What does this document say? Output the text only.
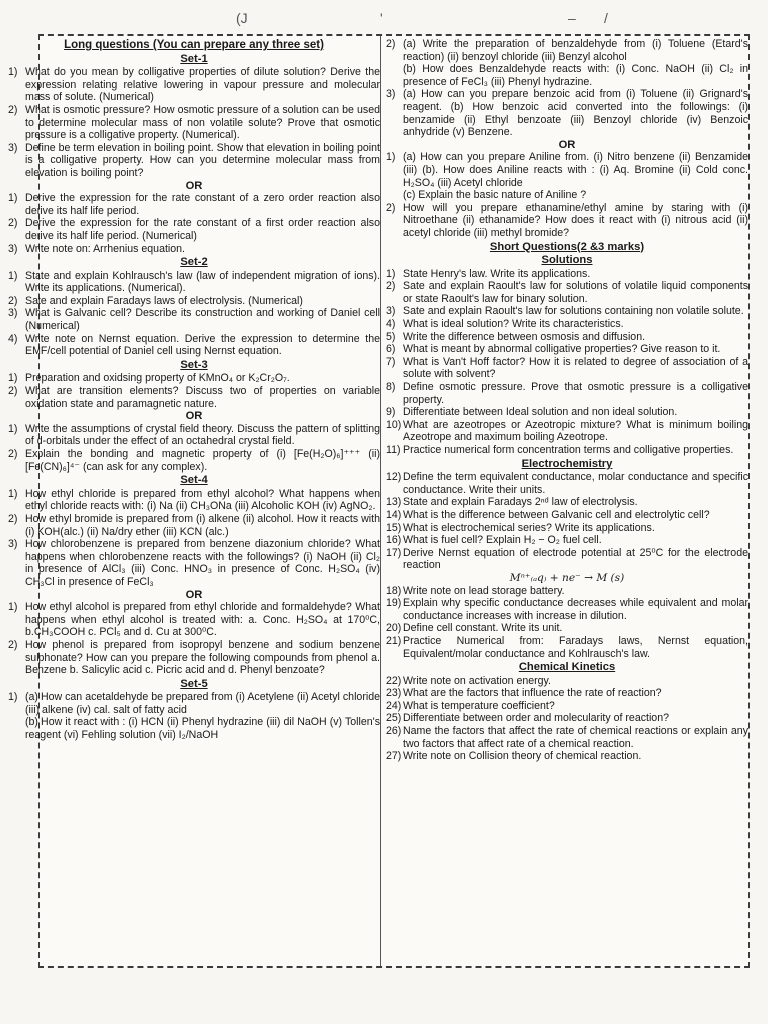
(J	'	– /
Long questions (You can prepare any three set)
Set-1
1) What do you mean by colligative properties of dilute solution? Derive the expression relating relative lowering in vapour pressure and molecular mass of solute. (Numerical)
2) What is osmotic pressure? How osmotic pressure of a solution can be used to determine molecular mass of non volatile solute? Prove that osmotic pressure is a colligative property. (Numerical).
3) Define be term elevation in boiling point. Show that elevation in boiling point is a colligative property. How can you determine molecular mass from elevation is boiling point?
OR
1) Derive the expression for the rate constant of a zero order reaction also derive its half life period.
2) Derive the expression for the rate constant of a first order reaction also derive its half life period. (Numerical)
3) Write note on: Arrhenius equation.
Set-2
1) State and explain Kohlrausch's law (law of independent migration of ions). Write its applications. (Numerical).
2) Sate and explain Faradays laws of electrolysis. (Numerical)
3) What is Galvanic cell? Describe its construction and working of Daniel cell (Numerical)
4) Write note on Nernst equation. Derive the expression to determine the EMF/cell potential of Daniel cell using Nernst equation.
Set-3
1) Preparation and oxidsing property of KMnO₄ or K₂Cr₂O₇.
2) What are transition elements? Discuss two of properties on variable oxidation state and paramagnetic nature.
OR
1) Write the assumptions of crystal field theory. Discuss the pattern of splitting of d-orbitals under the effect of an octahedral crystal field.
2) Explain the bonding and magnetic property of (i) [Fe(H₂O)₆]⁺⁺⁺ (ii) [Fe(CN)₆]⁴⁻ (can ask for any complex).
Set-4
1) How ethyl chloride is prepared from ethyl alcohol? What happens when ethyl chloride reacts with: (i) Na (ii) CH₃ONa (iii) Alcoholic KOH (iv) AgNO₂.
2) How ethyl bromide is prepared from (i) alkene (ii) alcohol. How it reacts with (i) KOH(alc.) (ii) Na/dry ether (iii) KCN (alc.)
3) How chlorobenzene is prepared from benzene diazonium chloride? What happens when chlorobenzene reacts with the followings? (i) NaOH (ii) Cl₂ in presence of AlCl₃ (iii) Conc. HNO₃ in presence of Conc. H₂SO₄ (iv) CH₃Cl in presence of FeCl₃
OR
1) How ethyl alcohol is prepared from ethyl chloride and formaldehyde? What happens when ethyl alcohol is treated with: a. Conc. H₂SO₄ at 170⁰C, b.CH₃COOH c. PCl₅ and d. Cu at 300⁰C.
2) How phenol is prepared from isopropyl benzene and sodium benzene sulphonate? How can you prepare the following compounds from phenol a. Benzene b. Salicylic acid c. Picric acid and d. Phenyl benzoate?
Set-5
1) (a) How can acetaldehyde be prepared from (i) Acetylene (ii) Acetyl chloride (iii) alkene (iv) cal. salt of fatty acid
(b) How it react with : (i) HCN (ii) Phenyl hydrazine (iii) dil NaOH (v) Tollen's reagent (vi) Fehling solution (vii) I₂/NaOH
2) (a) Write the preparation of benzaldehyde from (i) Toluene (Etard's reaction) (ii) benzoyl chloride (iii) Benzyl alcohol
(b) How does Benzaldehyde reacts with: (i) Conc. NaOH (ii) Cl₂ in presence of FeCl₃ (iii) Phenyl hydrazine.
3) (a) How can you prepare benzoic acid from (i) Toluene (ii) Grignard's reagent. (b) How benzoic acid converted into the followings: (i) benzamide (ii) Ethyl benzoate (iii) Benzoyl chloride (iv) Benzoic anhydride (v) Benzene.
OR
1) (a) How can you prepare Aniline from. (i) Nitro benzene (ii) Benzamide (iii) (b). How does Aniline reacts with : (i) Aq. Bromine (ii) Cold conc. H₂SO₄ (iii) Acetyl chloride
(c) Explain the basic nature of Aniline ?
2) How will you prepare ethanamine/ethyl amine by staring with (i) Nitroethane (ii) ethanamide? How does it react with (i) nitrous acid (ii) acetyl chloride (iii) methyl bromide?
Short Questions(2 &3 marks)
Solutions
1) State Henry's law. Write its applications.
2) Sate and explain Raoult's law for solutions of volatile liquid components or state Raoult's law for binary solution.
3) Sate and explain Raoult's law for solutions containing non volatile solute.
4) What is ideal solution? Write its characteristics.
5) Write the difference between osmosis and diffusion.
6) What is meant by abnormal colligative properties? Give reason to it.
7) What is Van't Hoff factor? How it is related to degree of association of a solute with solvent?
8) Define osmotic pressure. Prove that osmotic pressure is a colligative property.
9) Differentiate between Ideal solution and non ideal solution.
10) What are azeotropes or Azeotropic mixture? What is minimum boiling Azeotrope and maximum boiling Azeotrope.
11) Practice numerical form concentration terms and colligative properties.
Electrochemistry
12) Define the term equivalent conductance, molar conductance and specific conductance. Write their units.
13) State and explain Faradays 2ⁿᵈ law of electrolysis.
14) What is the difference between Galvanic cell and electrolytic cell?
15) What is electrochemical series? Write its applications.
16) What is fuel cell? Explain H₂ − O₂ fuel cell.
17) Derive Nernst equation of electrode potential at 25⁰C for the electrode reaction
Mⁿ⁺₍ₐq₎ + ne⁻ → M (s)
18) Write note on lead storage battery.
19) Explain why specific conductance decreases while equivalent and molar conductance increases with increase in dilution.
20) Define cell constant. Write its unit.
21) Practice Numerical from: Faradays laws, Nernst equation, Equivalent/molar conductance and Kohlrausch's law.
Chemical Kinetics
22) Write note on activation energy.
23) What are the factors that influence the rate of reaction?
24) What is temperature coefficient?
25) Differentiate between order and molecularity of reaction?
26) Name the factors that affect the rate of chemical reactions or explain any two factors that affect rate of a chemical reaction.
27) Write note on Collision theory of chemical reaction.
